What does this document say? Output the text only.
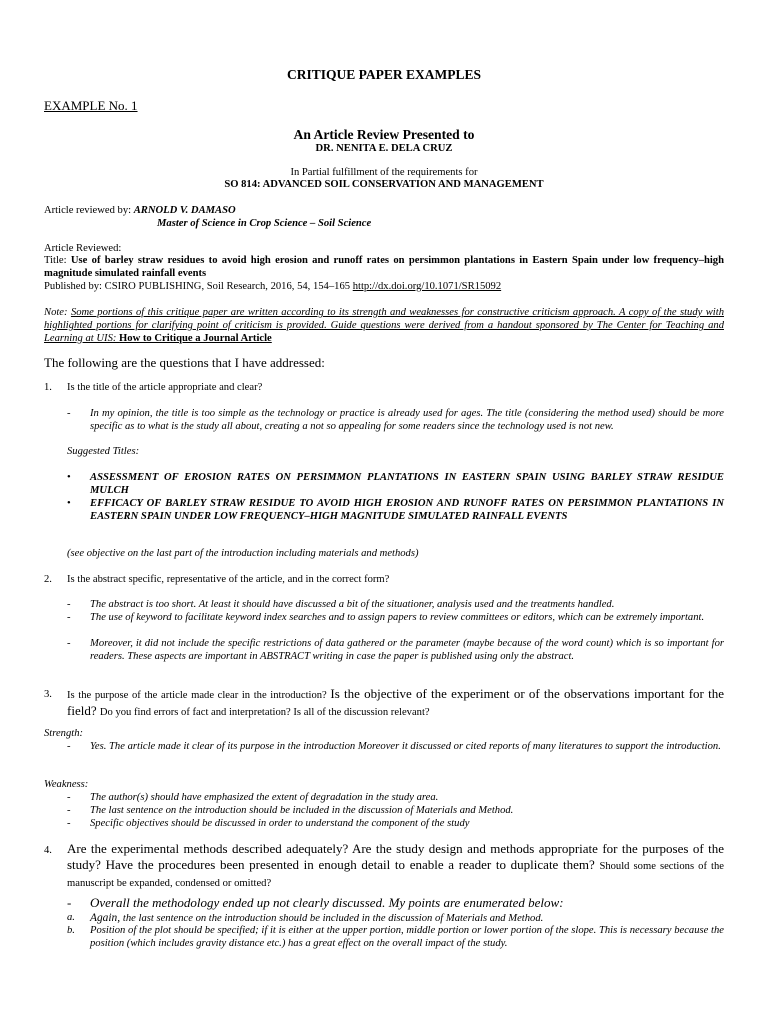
CRITIQUE PAPER EXAMPLES
EXAMPLE No. 1
An Article Review Presented to
DR. NENITA E. DELA CRUZ
In Partial fulfillment of the requirements for
SO 814: ADVANCED SOIL CONSERVATION AND MANAGEMENT
Article reviewed by: ARNOLD V. DAMASO
Master of Science in Crop Science – Soil Science
Article Reviewed:
Title: Use of barley straw residues to avoid high erosion and runoff rates on persimmon plantations in Eastern Spain under low frequency–high magnitude simulated rainfall events
Published by: CSIRO PUBLISHING, Soil Research, 2016, 54, 154–165 http://dx.doi.org/10.1071/SR15092
Note: Some portions of this critique paper are written according to its strength and weaknesses for constructive criticism approach. A copy of the study with highlighted portions for clarifying point of criticism is provided. Guide questions were derived from a handout sponsored by The Center for Teaching and Learning at UIS: How to Critique a Journal Article
The following are the questions that I have addressed:
1. Is the title of the article appropriate and clear?
- In my opinion, the title is too simple as the technology or practice is already used for ages. The title (considering the method used) should be more specific as to what is the study all about, creating a not so appealing for some readers since the technology used is not new.
Suggested Titles:
• ASSESSMENT OF EROSION RATES ON PERSIMMON PLANTATIONS IN EASTERN SPAIN USING BARLEY STRAW RESIDUE MULCH
• EFFICACY OF BARLEY STRAW RESIDUE TO AVOID HIGH EROSION AND RUNOFF RATES ON PERSIMMON PLANTATIONS IN EASTERN SPAIN UNDER LOW FREQUENCY–HIGH MAGNITUDE SIMULATED RAINFALL EVENTS
(see objective on the last part of the introduction including materials and methods)
2. Is the abstract specific, representative of the article, and in the correct form?
- The abstract is too short. At least it should have discussed a bit of the situationer, analysis used and the treatments handled.
- The use of keyword to facilitate keyword index searches and to assign papers to review committees or editors, which can be extremely important.
- Moreover, it did not include the specific restrictions of data gathered or the parameter (maybe because of the word count) which is so important for readers. These aspects are important in ABSTRACT writing in case the paper is published using only the abstract.
3. Is the purpose of the article made clear in the introduction? Is the objective of the experiment or of the observations important for the field? Do you find errors of fact and interpretation? Is all of the discussion relevant?
Strength:
- Yes. The article made it clear of its purpose in the introduction Moreover it discussed or cited reports of many literatures to support the introduction.
Weakness:
- The author(s) should have emphasized the extent of degradation in the study area.
- The last sentence on the introduction should be included in the discussion of Materials and Method.
- Specific objectives should be discussed in order to understand the component of the study
4. Are the experimental methods described adequately? Are the study design and methods appropriate for the purposes of the study? Have the procedures been presented in enough detail to enable a reader to duplicate them? Should some sections of the manuscript be expanded, condensed or omitted?
- Overall the methodology ended up not clearly discussed. My points are enumerated below:
a. Again, the last sentence on the introduction should be included in the discussion of Materials and Method.
b. Position of the plot should be specified; if it is either at the upper portion, middle portion or lower portion of the slope. This is necessary because the position (which includes gravity distance etc.) has a great effect on the overall impact of the study.
